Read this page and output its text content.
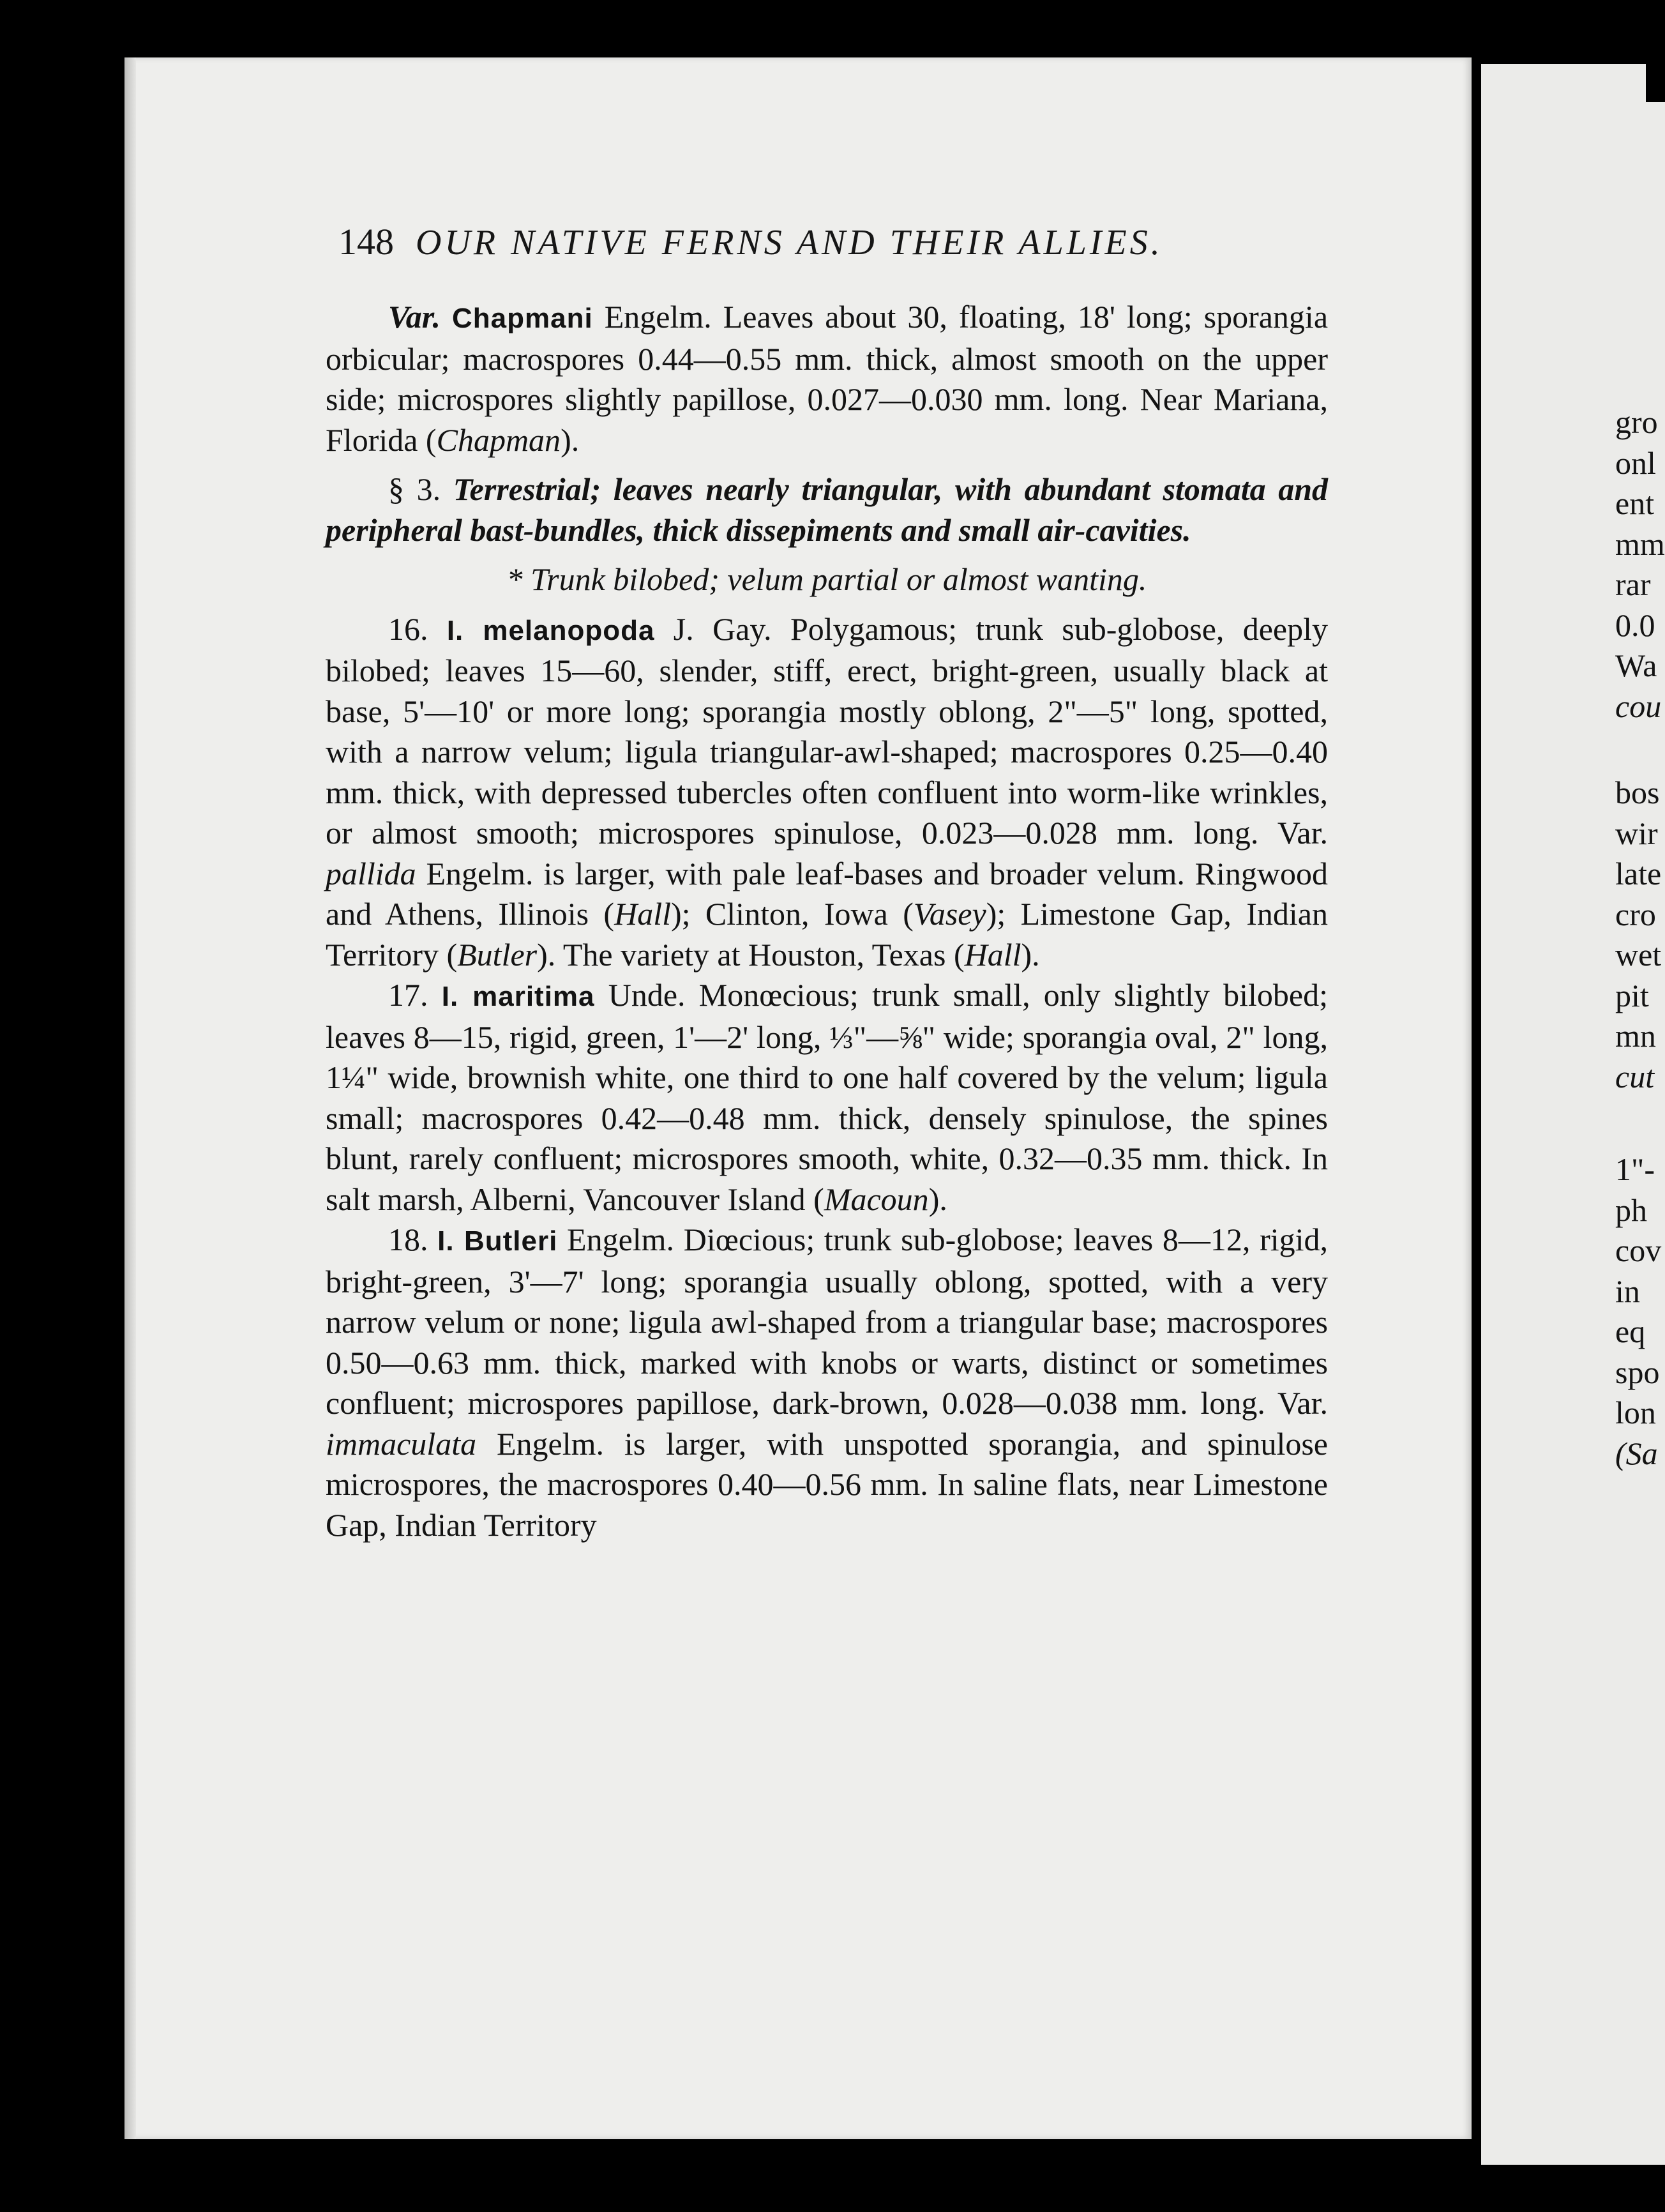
148 OUR NATIVE FERNS AND THEIR ALLIES.

Var. Chapmani Engelm. Leaves about 30, floating, 18' long; sporangia orbicular; macrospores 0.44—0.55 mm. thick, almost smooth on the upper side; microspores slightly papillose, 0.027—0.030 mm. long. Near Mariana, Florida (Chapman).

§ 3. Terrestrial; leaves nearly triangular, with abundant stomata and peripheral bast-bundles, thick dissepiments and small air-cavities.

* Trunk bilobed; velum partial or almost wanting.

16. I. melanopoda J. Gay. Polygamous; trunk sub-globose, deeply bilobed; leaves 15—60, slender, stiff, erect, bright-green, usually black at base, 5'—10' or more long; sporangia mostly oblong, 2"—5" long, spotted, with a narrow velum; ligula triangular-awl-shaped; macrospores 0.25—0.40 mm. thick, with depressed tubercles often confluent into worm-like wrinkles, or almost smooth; microspores spinulose, 0.023—0.028 mm. long. Var. pallida Engelm. is larger, with pale leaf-bases and broader velum. Ringwood and Athens, Illinois (Hall); Clinton, Iowa (Vasey); Limestone Gap, Indian Territory (Butler). The variety at Houston, Texas (Hall).

17. I. maritima Unde. Monœcious; trunk small, only slightly bilobed; leaves 8—15, rigid, green, 1'—2' long, ⅓"—⅝" wide; sporangia oval, 2" long, 1¼" wide, brownish white, one third to one half covered by the velum; ligula small; macrospores 0.42—0.48 mm. thick, densely spinulose, the spines blunt, rarely confluent; microspores smooth, white, 0.32—0.35 mm. thick. In salt marsh, Alberni, Vancouver Island (Macoun).

18. I. Butleri Engelm. Diœcious; trunk sub-globose; leaves 8—12, rigid, bright-green, 3'—7' long; sporangia usually oblong, spotted, with a very narrow velum or none; ligula awl-shaped from a triangular base; macrospores 0.50—0.63 mm. thick, marked with knobs or warts, distinct or sometimes confluent; microspores papillose, dark-brown, 0.028—0.038 mm. long. Var. immaculata Engelm. is larger, with unspotted sporangia, and spinulose microspores, the macrospores 0.40—0.56 mm. In saline flats, near Limestone Gap, Indian Territory

gro
onl
ent
mm
rar
0.0
Wa
cou
bos
wir
late
cro
wet
pit
mn
cut
1"-
ph
cov
in
eq
spo
lon
(Sa
